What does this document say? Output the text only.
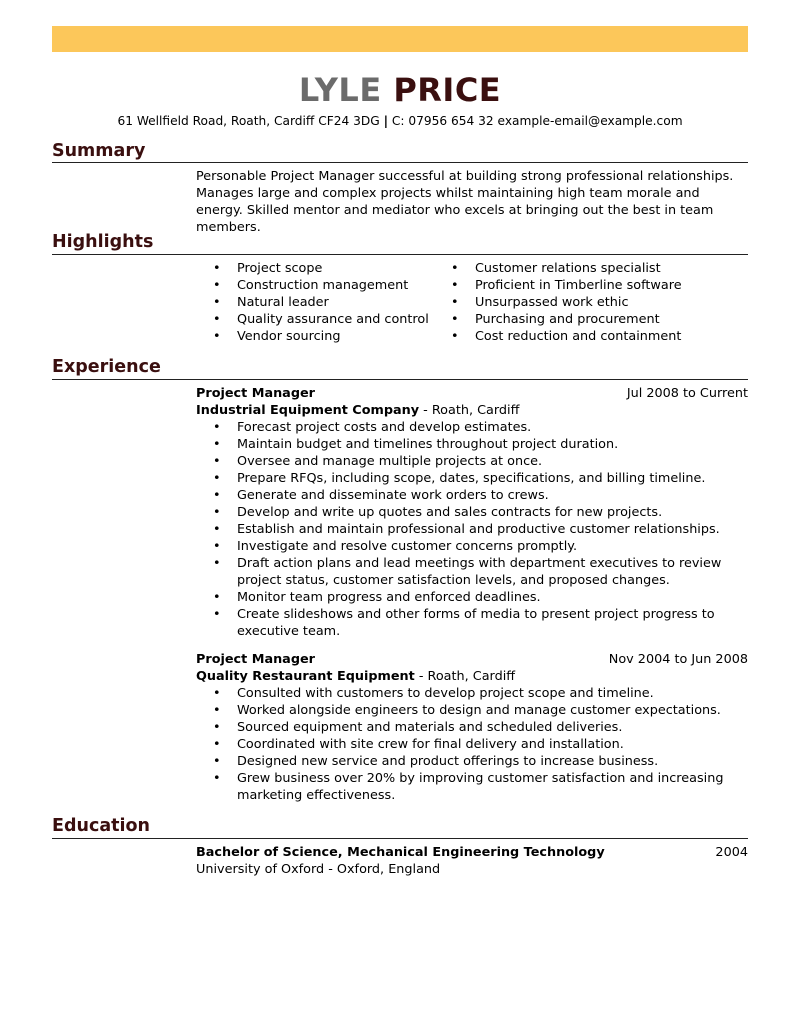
LYLE PRICE
61 Wellfield Road, Roath, Cardiff CF24 3DG | C: 07956 654 32 example-email@example.com
Summary
Personable Project Manager successful at building strong professional relationships. Manages large and complex projects whilst maintaining high team morale and energy. Skilled mentor and mediator who excels at bringing out the best in team members.
Highlights
• Project scope
• Construction management
• Natural leader
• Quality assurance and control
• Vendor sourcing
• Customer relations specialist
• Proficient in Timberline software
• Unsurpassed work ethic
• Purchasing and procurement
• Cost reduction and containment
Experience
Project Manager	Jul 2008 to Current
Industrial Equipment Company - Roath, Cardiff
• Forecast project costs and develop estimates.
• Maintain budget and timelines throughout project duration.
• Oversee and manage multiple projects at once.
• Prepare RFQs, including scope, dates, specifications, and billing timeline.
• Generate and disseminate work orders to crews.
• Develop and write up quotes and sales contracts for new projects.
• Establish and maintain professional and productive customer relationships.
• Investigate and resolve customer concerns promptly.
• Draft action plans and lead meetings with department executives to review project status, customer satisfaction levels, and proposed changes.
• Monitor team progress and enforced deadlines.
• Create slideshows and other forms of media to present project progress to executive team.
Project Manager	Nov 2004 to Jun 2008
Quality Restaurant Equipment - Roath, Cardiff
• Consulted with customers to develop project scope and timeline.
• Worked alongside engineers to design and manage customer expectations.
• Sourced equipment and materials and scheduled deliveries.
• Coordinated with site crew for final delivery and installation.
• Designed new service and product offerings to increase business.
• Grew business over 20% by improving customer satisfaction and increasing marketing effectiveness.
Education
Bachelor of Science, Mechanical Engineering Technology	2004
University of Oxford - Oxford, England
